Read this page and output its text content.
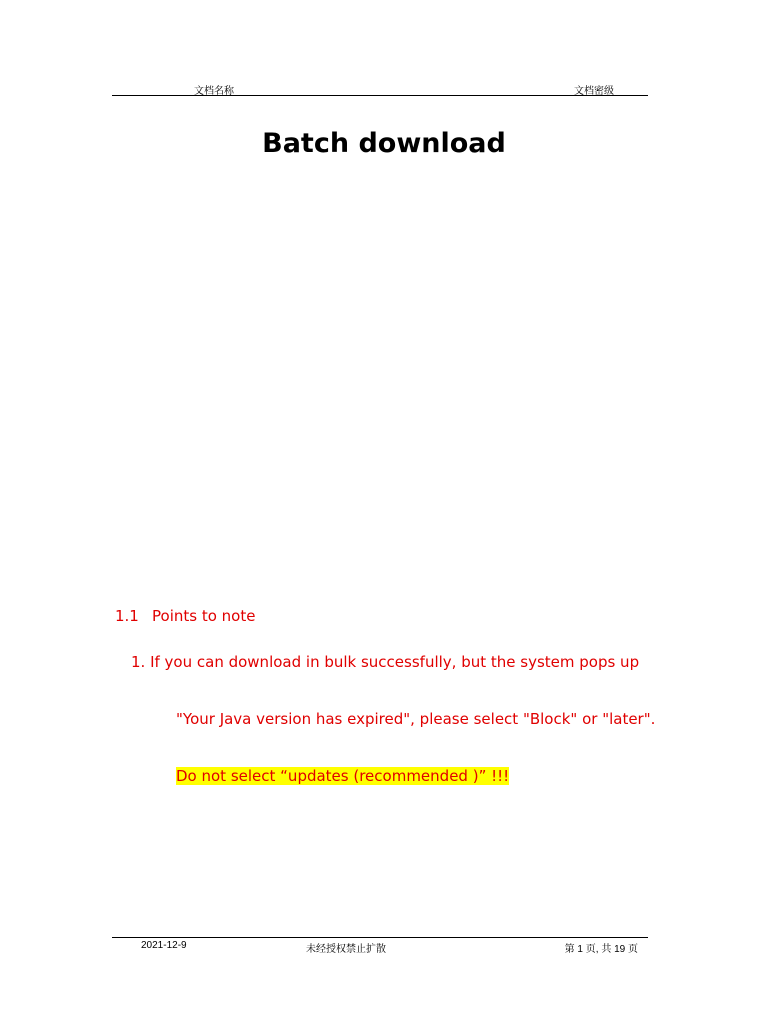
文档名称	文档密级
Batch download
1.1 Points to note
1. If you can download in bulk successfully, but the system pops up
"Your Java version has expired", please select "Block" or "later".
Do not select “updates (recommended )” !!!
2021-12-9	未经授权禁止扩散	第 1 页, 共 19 页
